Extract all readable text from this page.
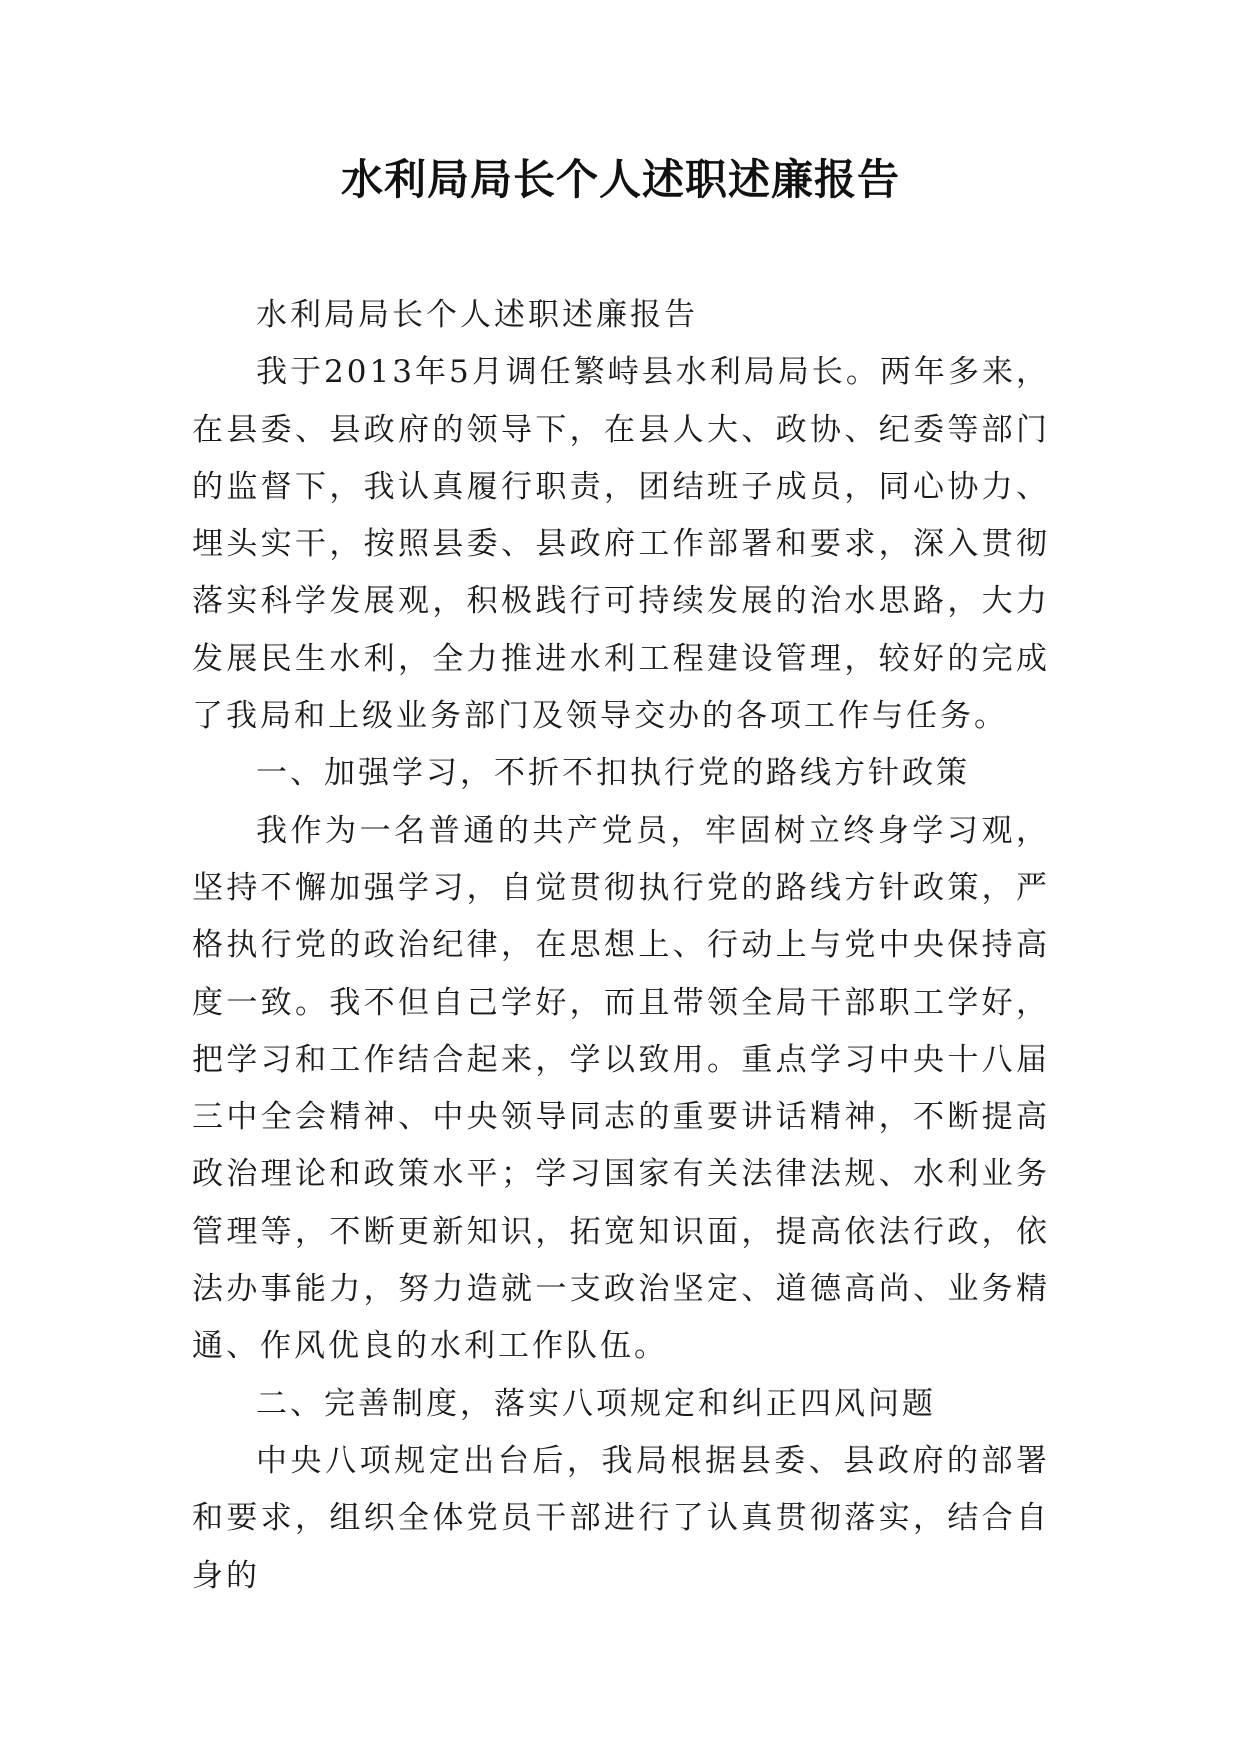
水利局局长个人述职述廉报告

水利局局长个人述职述廉报告

我于2013年5月调任繁峙县水利局局长。两年多来，在县委、县政府的领导下，在县人大、政协、纪委等部门的监督下，我认真履行职责，团结班子成员，同心协力、埋头实干，按照县委、县政府工作部署和要求，深入贯彻落实科学发展观，积极践行可持续发展的治水思路，大力发展民生水利，全力推进水利工程建设管理，较好的完成了我局和上级业务部门及领导交办的各项工作与任务。

一、加强学习，不折不扣执行党的路线方针政策

我作为一名普通的共产党员，牢固树立终身学习观，坚持不懈加强学习，自觉贯彻执行党的路线方针政策，严格执行党的政治纪律，在思想上、行动上与党中央保持高度一致。我不但自己学好，而且带领全局干部职工学好，把学习和工作结合起来，学以致用。重点学习中央十八届三中全会精神、中央领导同志的重要讲话精神，不断提高政治理论和政策水平；学习国家有关法律法规、水利业务管理等，不断更新知识，拓宽知识面，提高依法行政，依法办事能力，努力造就一支政治坚定、道德高尚、业务精通、作风优良的水利工作队伍。

二、完善制度，落实八项规定和纠正四风问题

中央八项规定出台后，我局根据县委、县政府的部署和要求，组织全体党员干部进行了认真贯彻落实，结合自身的
